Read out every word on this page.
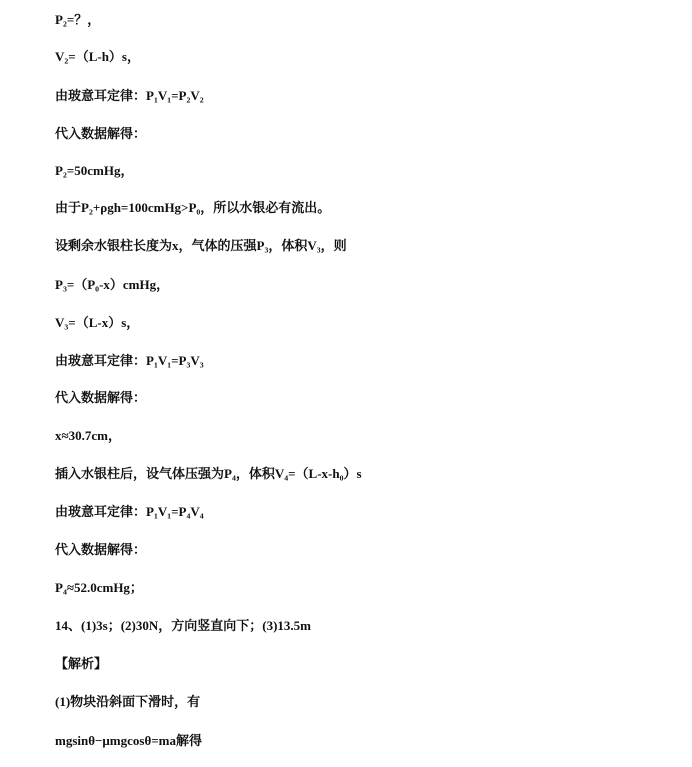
P₂=？，
V₂=（L-h）s，
由玻意耳定律：P₁V₁=P₂V₂
代入数据解得：
P₂=50cmHg，
由于P₂+ρgh=100cmHg>P₀，所以水银必有流出。
设剩余水银柱长度为x，气体的压强P₃，体积V₃，则
P₃=（P₀-x）cmHg，
V₃=（L-x）s，
由玻意耳定律：P₁V₁=P₃V₃
代入数据解得：
x≈30.7cm，
插入水银柱后，设气体压强为P₄，体积V₄=（L-x-h₀）s
由玻意耳定律：P₁V₁=P₄V₄
代入数据解得：
P₄≈52.0cmHg；
14、(1)3s；(2)30N，方向竖直向下；(3)13.5m
【解析】
(1)物块沿斜面下滑时，有
mgsinθ−μmgcosθ=ma解得
